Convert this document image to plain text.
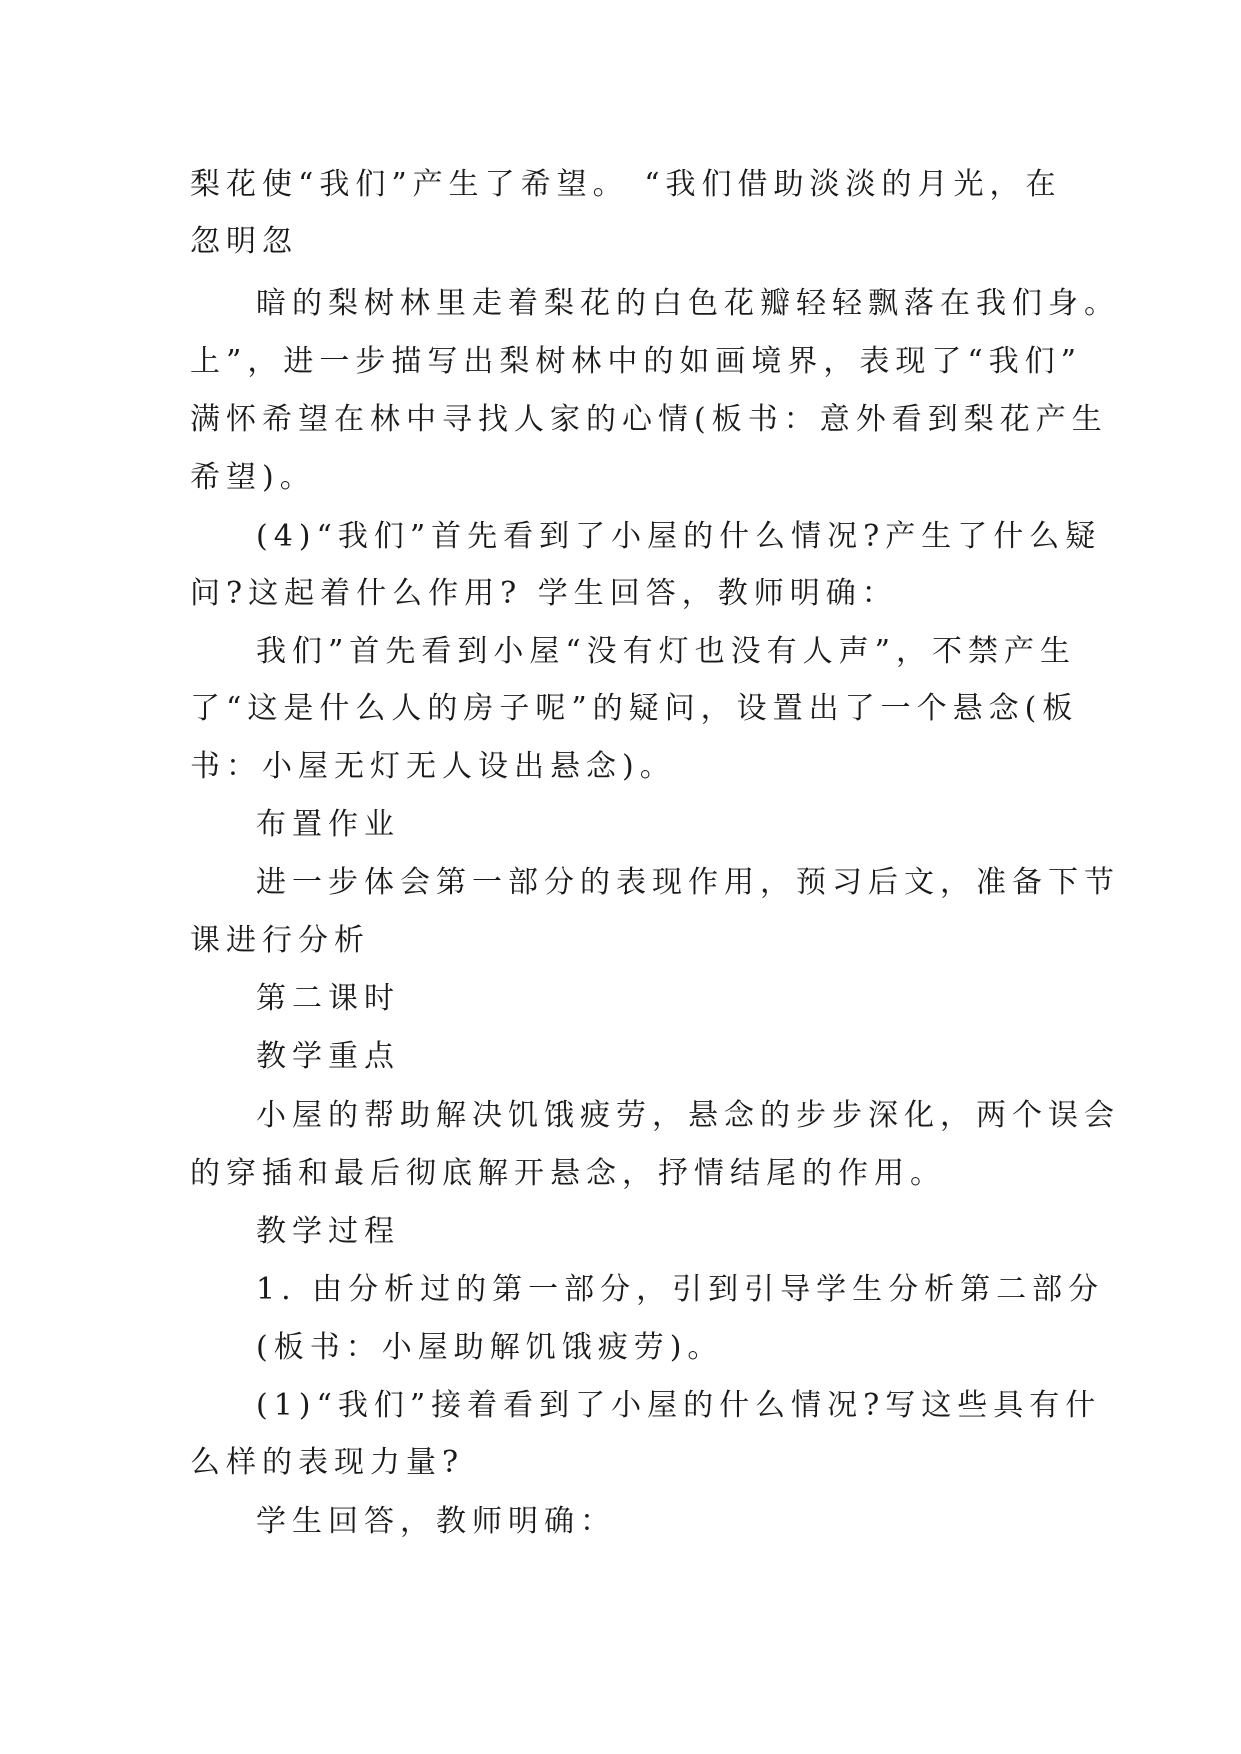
梨花使“我们”产生了希望。 “我们借助淡淡的月光，在
忽明忽
暗的梨树林里走着梨花的白色花瓣轻轻飘落在我们身。
上”，进一步描写出梨树林中的如画境界，表现了“我们”
满怀希望在林中寻找人家的心情(板书：意外看到梨花产生
希望)。
(4)“我们”首先看到了小屋的什么情况?产生了什么疑
问?这起着什么作用? 学生回答，教师明确：
我们”首先看到小屋“没有灯也没有人声”，不禁产生
了“这是什么人的房子呢”的疑问，设置出了一个悬念(板
书：小屋无灯无人设出悬念)。
布置作业
进一步体会第一部分的表现作用，预习后文，准备下节
课进行分析
第二课时
教学重点
小屋的帮助解决饥饿疲劳，悬念的步步深化，两个误会
的穿插和最后彻底解开悬念，抒情结尾的作用。
教学过程
1. 由分析过的第一部分，引到引导学生分析第二部分
(板书：小屋助解饥饿疲劳)。
(1)“我们”接着看到了小屋的什么情况?写这些具有什
么样的表现力量?
学生回答，教师明确：
